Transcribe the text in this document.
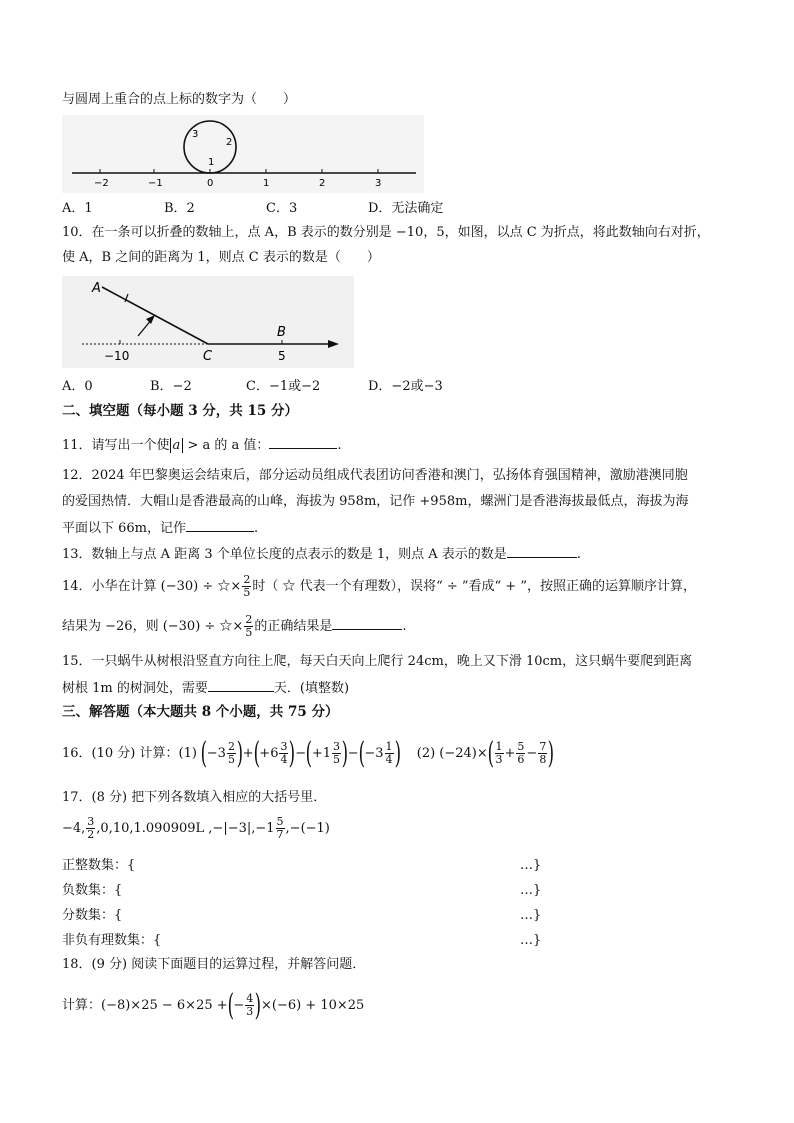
与圆周上重合的点上标的数字为（　　）
3
2
1
−2	−1	0	1	2	3
A．1	B．2	C．3	D．无法确定
10．在一条可以折叠的数轴上，点 A，B 表示的数分别是 −10，5，如图，以点 C 为折点，将此数轴向右对折，
使 A，B 之间的距离为 1，则点 C 表示的数是（　　）
A
B
C
−10	5
A．0	B．−2	C．−1或−2	D．−2或−3
二、填空题（每小题 3 分，共 15 分）
11．请写出一个使 a > a 的 a 值：	.
12．2024 年巴黎奥运会结束后，部分运动员组成代表团访问香港和澳门，弘扬体育强国精神，激励港澳同胞
的爱国热情．大帽山是香港最高的山峰，海拔为 958m，记作 +958m，螺洲门是香港海拔最低点，海拔为海
平面以下 66m，记作	.
13．数轴上与点 A 距离 3 个单位长度的点表示的数是 1，则点 A 表示的数是	.
14．小华在计算 (−30) ÷ ☆× $\frac{2}{5}$ 时（ ☆ 代表一个有理数），误将“ ÷ ”看成“ + ”，按照正确的运算顺序计算，
结果为 −26，则 (−30) ÷ ☆× $\frac{2}{5}$ 的正确结果是	.
15．一只蜗牛从树根沿竖直方向往上爬，每天白天向上爬行 24cm，晚上又下滑 10cm，这只蜗牛要爬到距离
树根 1m 的树洞处，需要	天．(填整数)
三、解答题（本大题共 8 个小题，共 75 分）
16．(10 分) 计算：(1) $(-3 \frac{2}{5} )+(+6 \frac{3}{4} )-(+1 \frac{3}{5} )-(-3 \frac{1}{4}$ ) (2) $(-24)\times( \frac{1}{3} + \frac{5}{6} - \frac{7}{8}$ )
17．(8 分) 把下列各数填入相应的大括号里．
−4, $\frac{3}{2} ,0,10,1.090909L$ $,-|-3|,-1 \frac{5}{7} ,-(-1)$
正整数集：{	…}
负数集：{	…}
分数集：{	…}
非负有理数集：{	…}
18．(9 分) 阅读下面题目的运算过程，并解答问题．
计算：(−8)×25 − 6×25 +(− $\frac{4}{3} )\times(-6) + 10\times 25$
